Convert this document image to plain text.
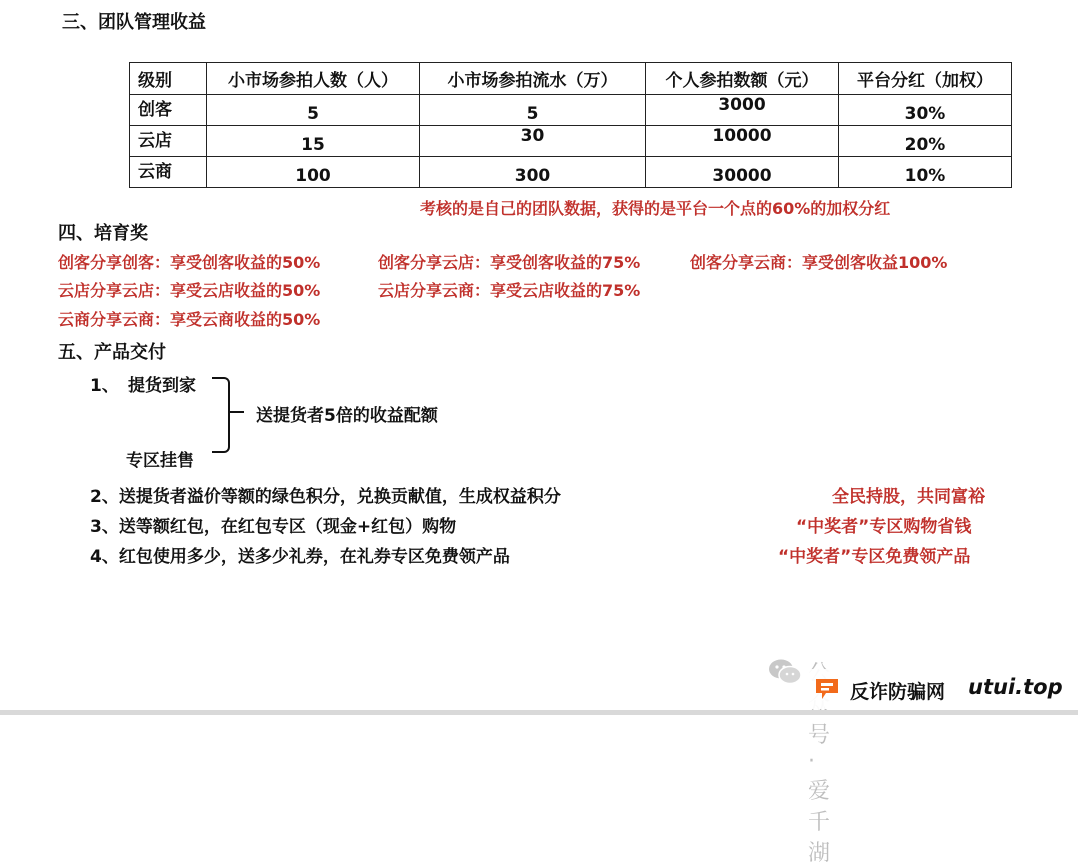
三、团队管理收益
级别	小市场参拍人数（人）	小市场参拍流水（万）	个人参拍数额（元）	平台分红（加权）
创客	5	5	3000	30%
云店	15	30	10000	20%
云商	100	300	30000	10%
考核的是自己的团队数据，获得的是平台一个点的60%的加权分红
四、培育奖
创客分享创客：享受创客收益的50%	创客分享云店：享受创客收益的75%	创客分享云商：享受创客收益100%
云店分享云店：享受云店收益的50%	云店分享云商：享受云店收益的75%
云商分享云商：享受云商收益的50%
五、产品交付
1、 提货到家
专区挂售
送提货者5倍的收益配额
2、送提货者溢价等额的绿色积分，兑换贡献值，生成权益积分	全民持股，共同富裕
3、送等额红包，在红包专区（现金+红包）购物	“中奖者”专区购物省钱
4、红包使用多少，送多少礼券，在礼券专区免费领产品	“中奖者”专区免费领产品
号 · 爱千湖
反诈防骗网 utui.top
